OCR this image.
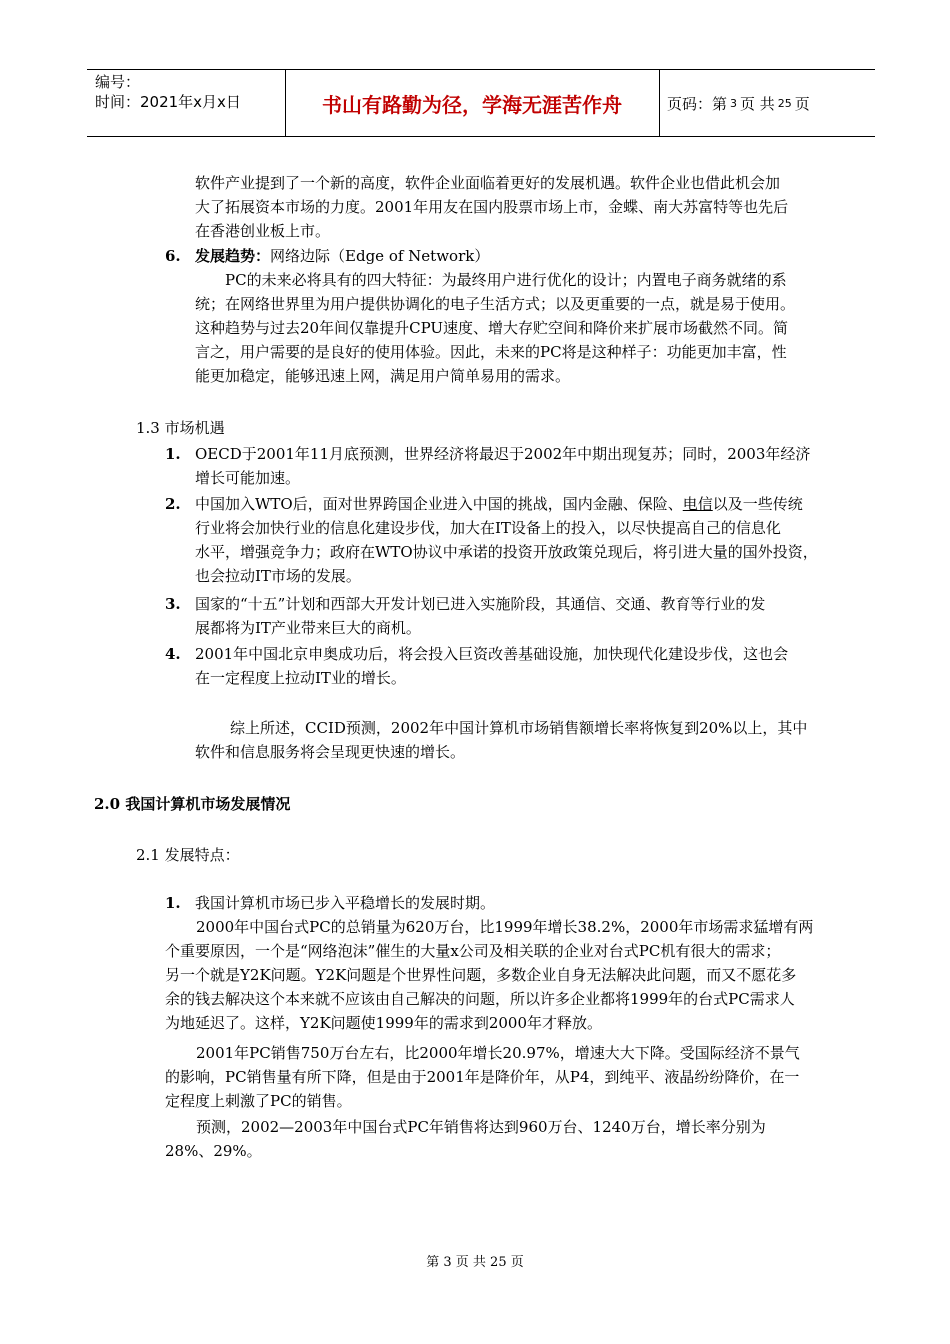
编号：
时间：2021年x月x日	书山有路勤为径，学海无涯苦作舟	页码：第 3 页 共 25 页
软件产业提到了一个新的高度，软件企业面临着更好的发展机遇。软件企业也借此机会加
大了拓展资本市场的力度。2001年用友在国内股票市场上市，金蝶、南大苏富特等也先后
在香港创业板上市。
6. 发展趋势：网络边际（Edge of Network）
PC的未来必将具有的四大特征：为最终用户进行优化的设计；内置电子商务就绪的系
统；在网络世界里为用户提供协调化的电子生活方式；以及更重要的一点，就是易于使用。
这种趋势与过去20年间仅靠提升CPU速度、增大存贮空间和降价来扩展市场截然不同。简
言之，用户需要的是良好的使用体验。因此，未来的PC将是这种样子：功能更加丰富，性
能更加稳定，能够迅速上网，满足用户简单易用的需求。
1.3 市场机遇
1. OECD于2001年11月底预测，世界经济将最迟于2002年中期出现复苏；同时，2003年经济
增长可能加速。
2. 中国加入WTO后，面对世界跨国企业进入中国的挑战，国内金融、保险、电信以及一些传统
行业将会加快行业的信息化建设步伐，加大在IT设备上的投入，以尽快提高自己的信息化
水平，增强竞争力；政府在WTO协议中承诺的投资开放政策兑现后，将引进大量的国外投资，
也会拉动IT市场的发展。
3. 国家的“十五”计划和西部大开发计划已进入实施阶段，其通信、交通、教育等行业的发
展都将为IT产业带来巨大的商机。
4. 2001年中国北京申奥成功后，将会投入巨资改善基础设施，加快现代化建设步伐，这也会
在一定程度上拉动IT业的增长。
综上所述，CCID预测，2002年中国计算机市场销售额增长率将恢复到20%以上，其中
软件和信息服务将会呈现更快速的增长。
2.0 我国计算机市场发展情况
2.1 发展特点：
1. 我国计算机市场已步入平稳增长的发展时期。
2000年中国台式PC的总销量为620万台，比1999年增长38.2%，2000年市场需求猛增有两
个重要原因，一个是“网络泡沫”催生的大量x公司及相关联的企业对台式PC机有很大的需求；
另一个就是Y2K问题。Y2K问题是个世界性问题，多数企业自身无法解决此问题，而又不愿花多
余的钱去解决这个本来就不应该由自己解决的问题，所以许多企业都将1999年的台式PC需求人
为地延迟了。这样，Y2K问题使1999年的需求到2000年才释放。
2001年PC销售750万台左右，比2000年增长20.97%，增速大大下降。受国际经济不景气
的影响，PC销售量有所下降，但是由于2001年是降价年，从P4，到纯平、液晶纷纷降价，在一
定程度上刺激了PC的销售。
预测，2002—2003年中国台式PC年销售将达到960万台、1240万台，增长率分别为
28%、29%。
第 3 页 共 25 页
